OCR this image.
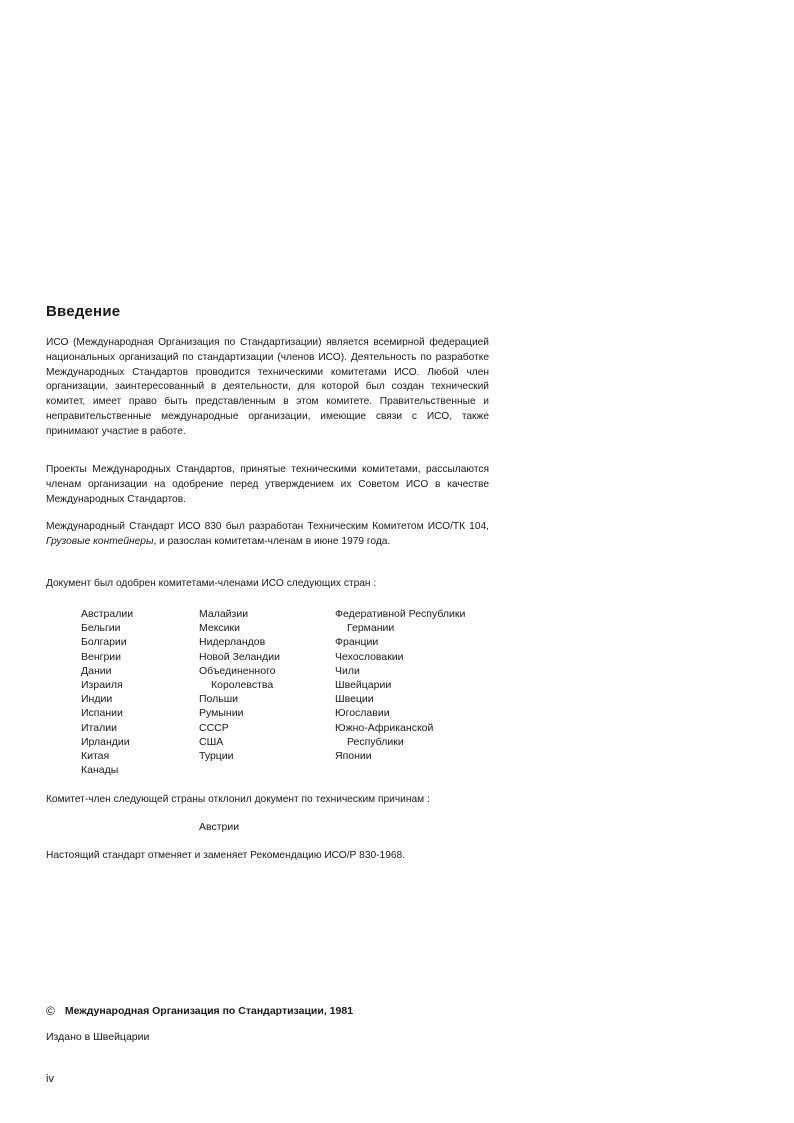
Введение

ИСО (Международная Организация по Стандартизации) является всемирной федерацией национальных организаций по стандартизации (членов ИСО). Деятельность по разработке Международных Стандартов проводится техническими комитетами ИСО. Любой член организации, заинтересованный в деятельности, для которой был создан технический комитет, имеет право быть представленным в этом комитете. Правительственные и неправительственные международные организации, имеющие связи с ИСО, также принимают участие в работе.

Проекты Международных Стандартов, принятые техническими комитетами, рассылаются членам организации на одобрение перед утверждением их Советом ИСО в качестве Международных Стандартов.

Международный Стандарт ИСО 830 был разработан Техническим Комитетом ИСО/ТК 104, Грузовые контейнеры, и разослан комитетам-членам в июне 1979 года.

Документ был одобрен комитетами-членами ИСО следующих стран :

Австралии
Бельгии
Болгарии
Венгрии
Дании
Израиля
Индии
Испании
Италии
Ирландии
Китая
Канады
Малайзии
Мексики
Нидерландов
Новой Зеландии
Объединенного
Королевства
Польши
Румынии
СССР
США
Турции
Федеративной Республики
Германии
Франции
Чехословакии
Чили
Швейцарии
Швеции
Югославии
Южно-Африканской
Республики
Японии

Комитет-член следующей страны отклонил документ по техническим причинам :

Австрии

Настоящий стандарт отменяет и заменяет Рекомендацию ИСО/Р 830-1968.

© Международная Организация по Стандартизации, 1981

Издано в Швейцарии

iv
